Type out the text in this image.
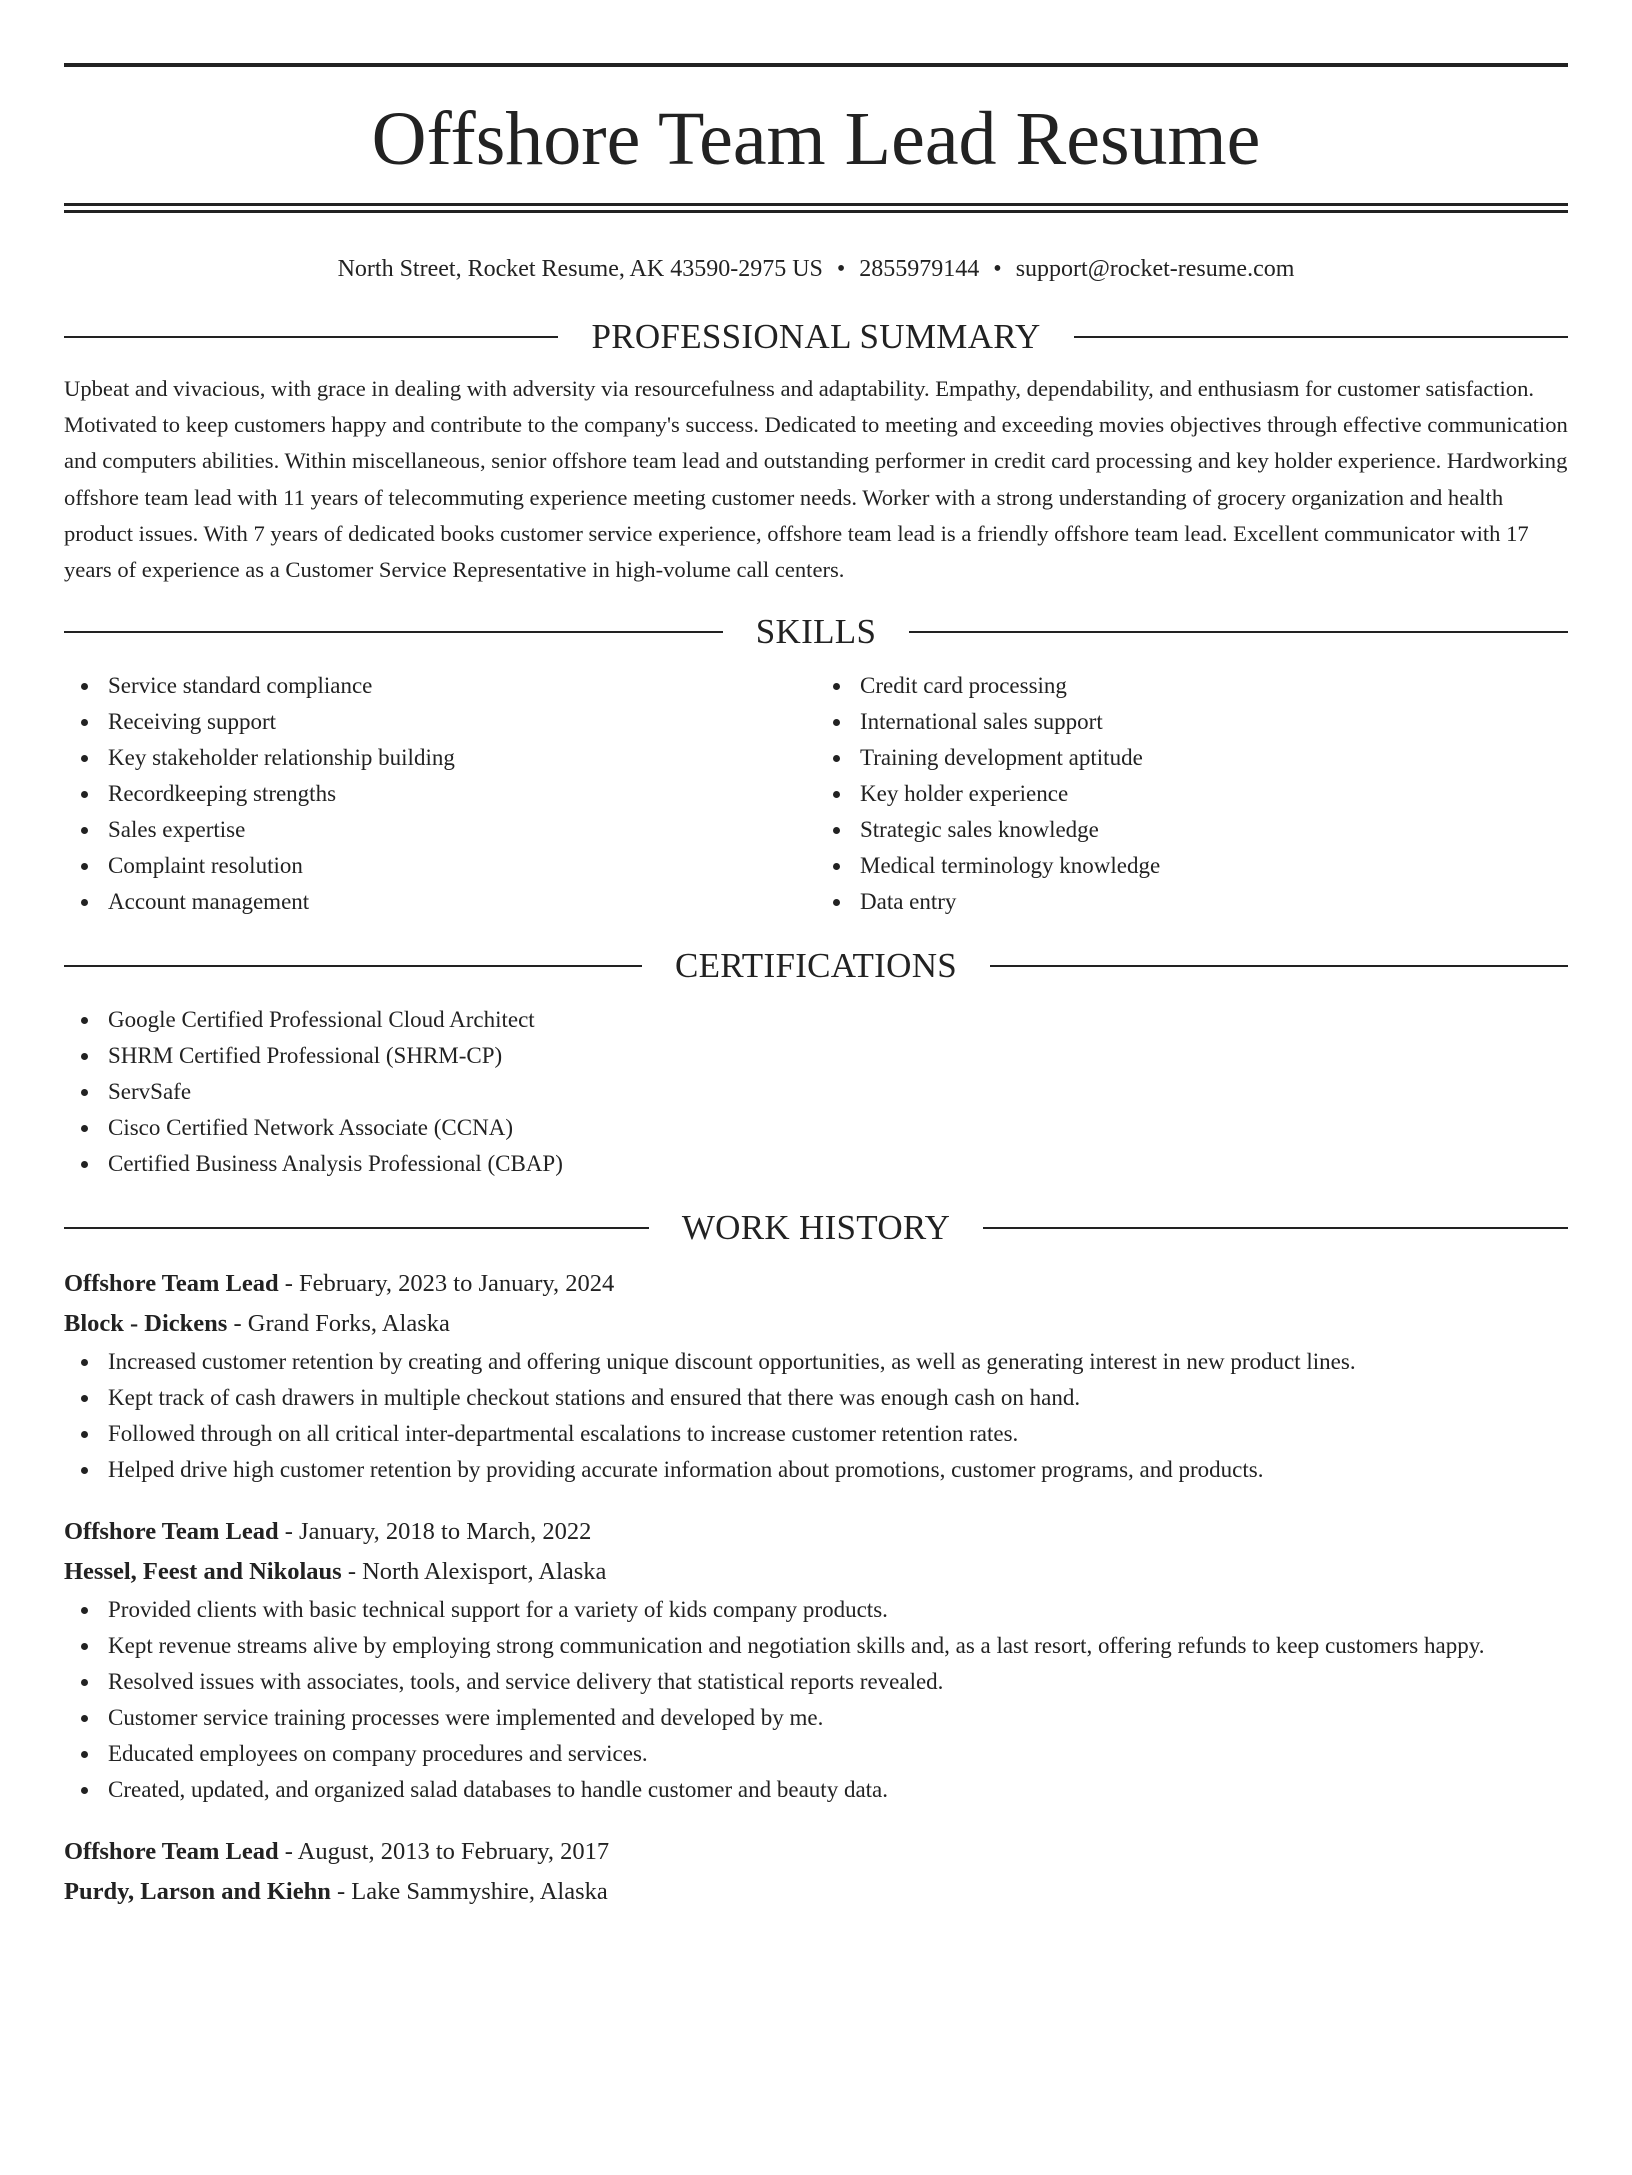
Offshore Team Lead Resume
North Street, Rocket Resume, AK 43590-2975 US • 2855979144 • support@rocket-resume.com
PROFESSIONAL SUMMARY

Upbeat and vivacious, with grace in dealing with adversity via resourcefulness and adaptability. Empathy, dependability, and enthusiasm for customer satisfaction. Motivated to keep customers happy and contribute to the company's success. Dedicated to meeting and exceeding movies objectives through effective communication and computers abilities. Within miscellaneous, senior offshore team lead and outstanding performer in credit card processing and key holder experience. Hardworking offshore team lead with 11 years of telecommuting experience meeting customer needs. Worker with a strong understanding of grocery organization and health product issues. With 7 years of dedicated books customer service experience, offshore team lead is a friendly offshore team lead. Excellent communicator with 17 years of experience as a Customer Service Representative in high-volume call centers.

SKILLS
Service standard compliance
Receiving support
Key stakeholder relationship building
Recordkeeping strengths
Sales expertise
Complaint resolution
Account management
Credit card processing
International sales support
Training development aptitude
Key holder experience
Strategic sales knowledge
Medical terminology knowledge
Data entry
CERTIFICATIONS
Google Certified Professional Cloud Architect
SHRM Certified Professional (SHRM-CP)
ServSafe
Cisco Certified Network Associate (CCNA)
Certified Business Analysis Professional (CBAP)
WORK HISTORY
Offshore Team Lead - February, 2023 to January, 2024
Block - Dickens - Grand Forks, Alaska
Increased customer retention by creating and offering unique discount opportunities, as well as generating interest in new product lines.
Kept track of cash drawers in multiple checkout stations and ensured that there was enough cash on hand.
Followed through on all critical inter-departmental escalations to increase customer retention rates.
Helped drive high customer retention by providing accurate information about promotions, customer programs, and products.
Offshore Team Lead - January, 2018 to March, 2022
Hessel, Feest and Nikolaus - North Alexisport, Alaska
Provided clients with basic technical support for a variety of kids company products.
Kept revenue streams alive by employing strong communication and negotiation skills and, as a last resort, offering refunds to keep customers happy.
Resolved issues with associates, tools, and service delivery that statistical reports revealed.
Customer service training processes were implemented and developed by me.
Educated employees on company procedures and services.
Created, updated, and organized salad databases to handle customer and beauty data.
Offshore Team Lead - August, 2013 to February, 2017
Purdy, Larson and Kiehn - Lake Sammyshire, Alaska
